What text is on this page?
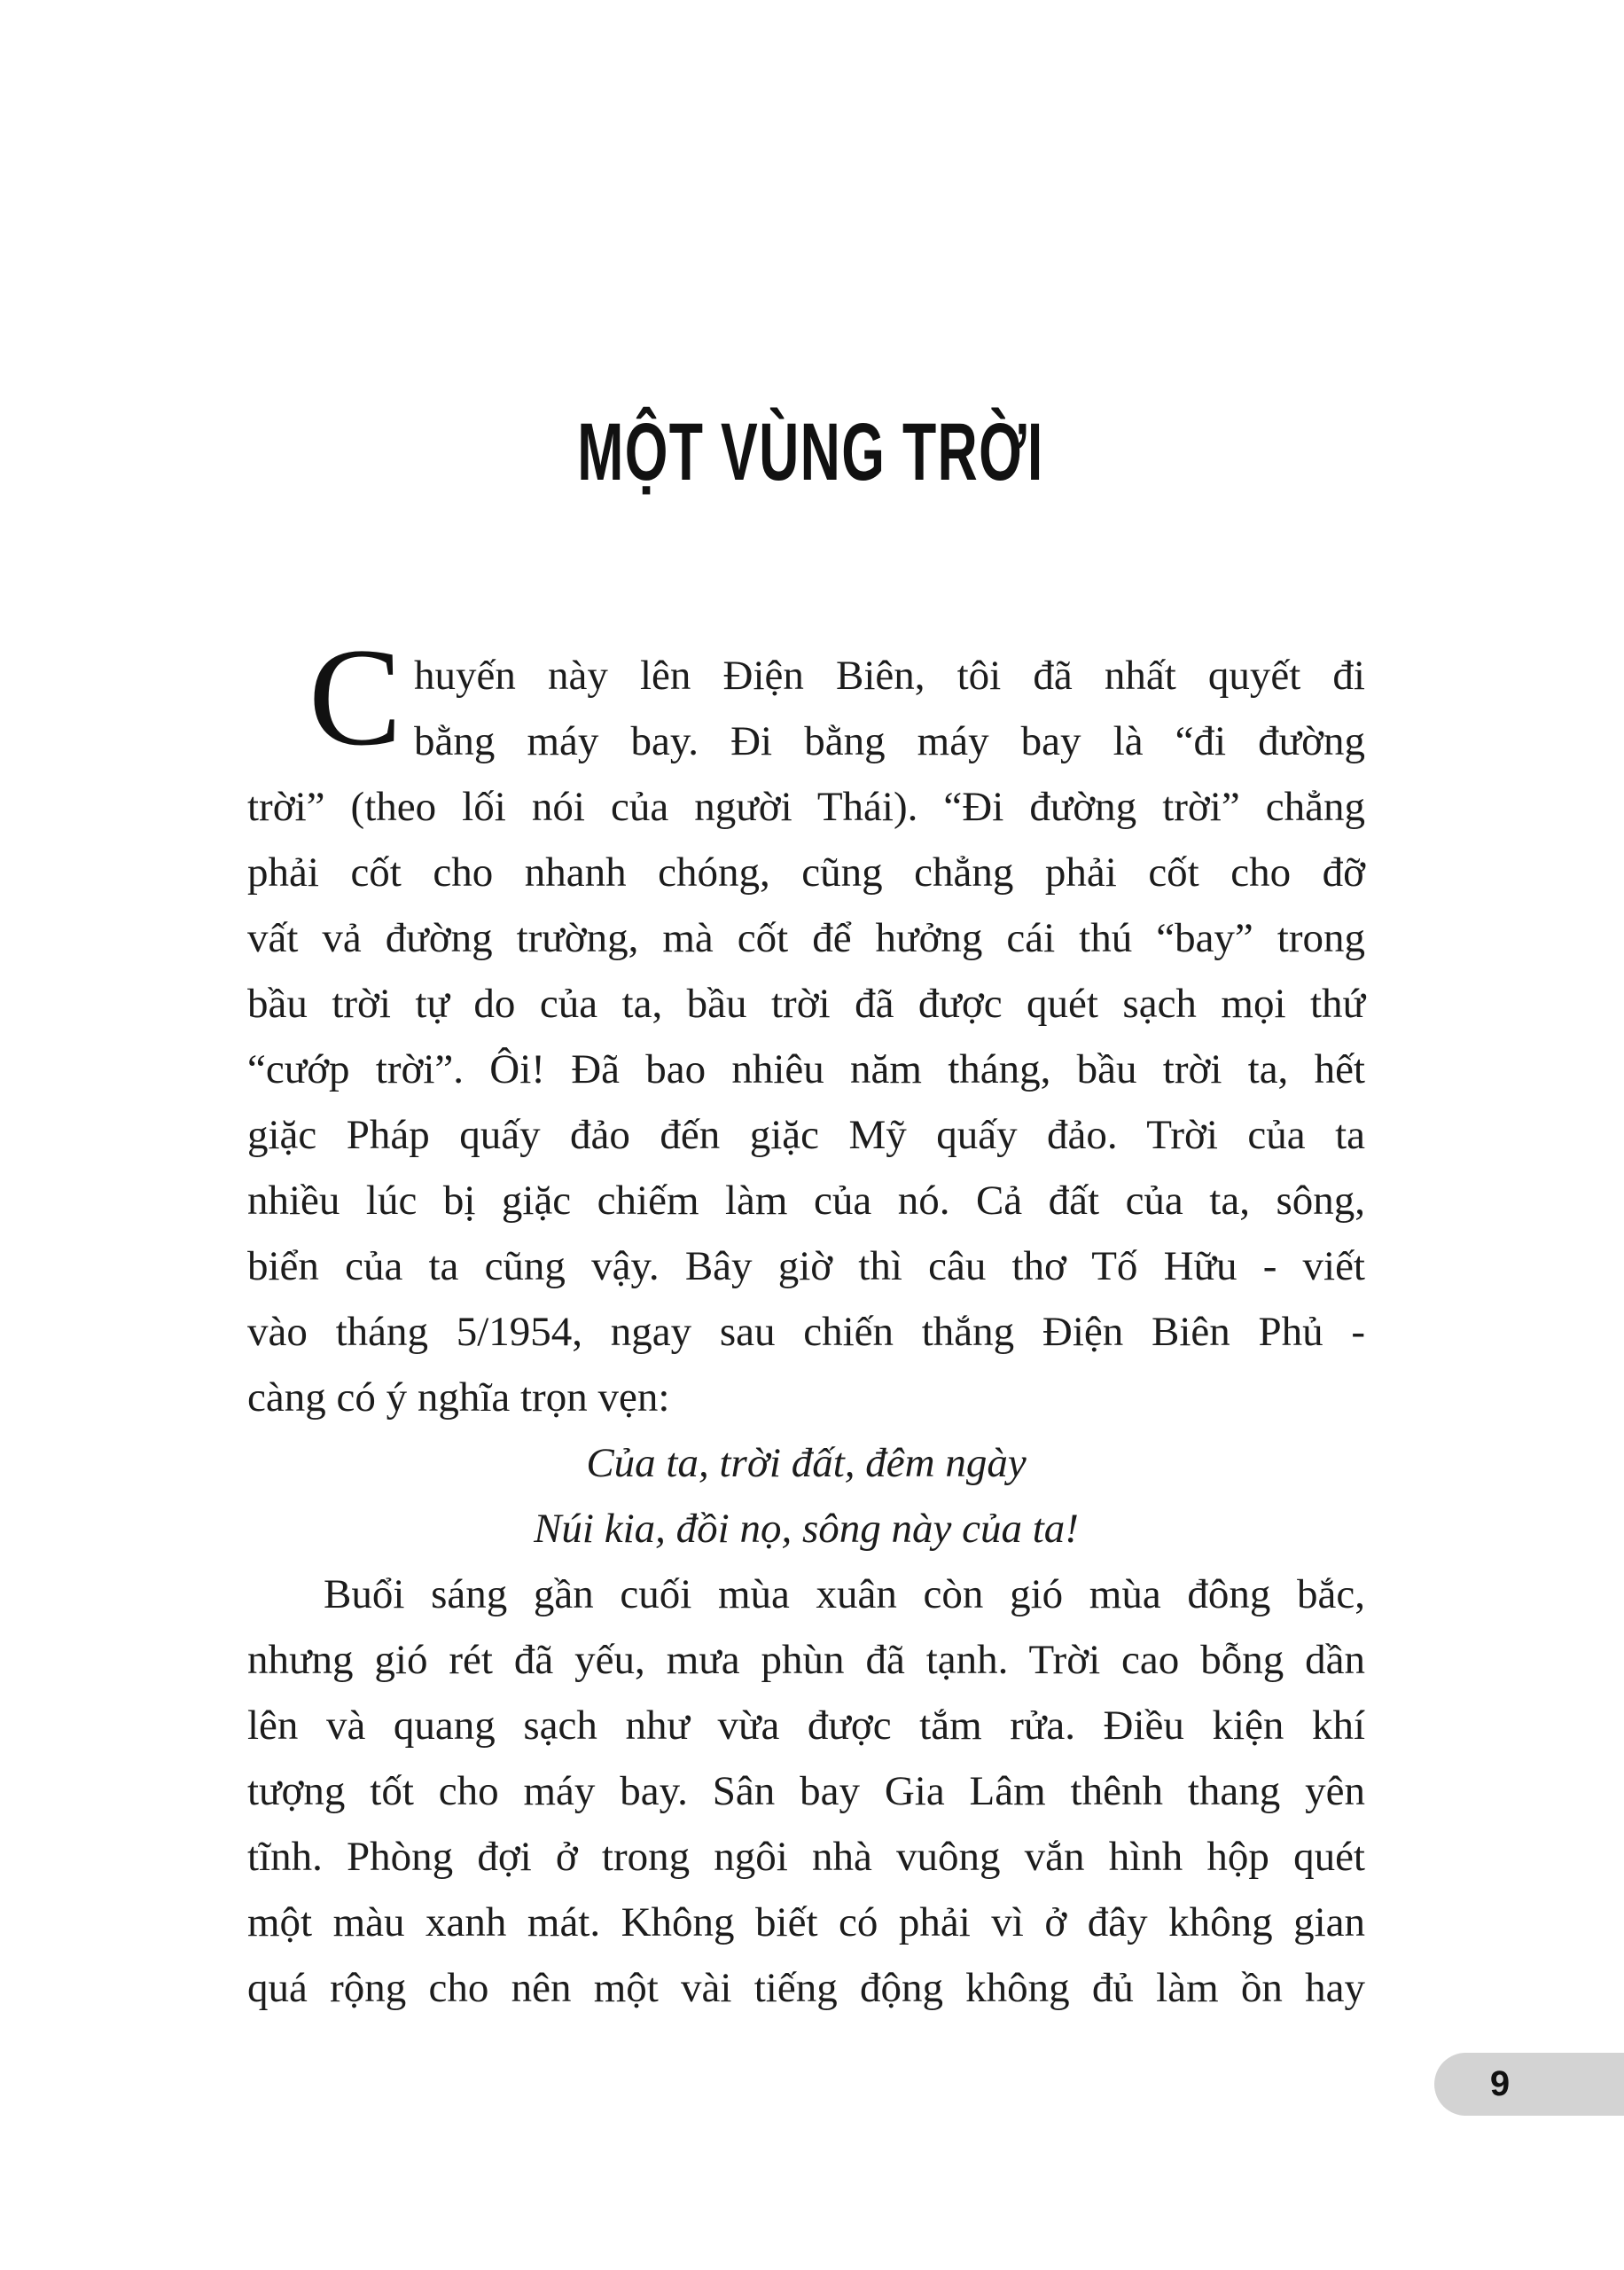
MỘT VÙNG TRỜI
C huyến này lên Điện Biên, tôi đã nhất quyết đi
bằng máy bay. Đi bằng máy bay là “đi đường
trời” (theo lối nói của người Thái). “Đi đường trời” chẳng
phải cốt cho nhanh chóng, cũng chẳng phải cốt cho đỡ
vất vả đường trường, mà cốt để hưởng cái thú “bay” trong
bầu trời tự do của ta, bầu trời đã được quét sạch mọi thứ
“cướp trời”. Ôi! Đã bao nhiêu năm tháng, bầu trời ta, hết
giặc Pháp quấy đảo đến giặc Mỹ quấy đảo. Trời của ta
nhiều lúc bị giặc chiếm làm của nó. Cả đất của ta, sông,
biển của ta cũng vậy. Bây giờ thì câu thơ Tố Hữu - viết
vào tháng 5/1954, ngay sau chiến thắng Điện Biên Phủ -
càng có ý nghĩa trọn vẹn:
Của ta, trời đất, đêm ngày
Núi kia, đồi nọ, sông này của ta!
Buổi sáng gần cuối mùa xuân còn gió mùa đông bắc,
nhưng gió rét đã yếu, mưa phùn đã tạnh. Trời cao bỗng dần
lên và quang sạch như vừa được tắm rửa. Điều kiện khí
tượng tốt cho máy bay. Sân bay Gia Lâm thênh thang yên
tĩnh. Phòng đợi ở trong ngôi nhà vuông vắn hình hộp quét
một màu xanh mát. Không biết có phải vì ở đây không gian
quá rộng cho nên một vài tiếng động không đủ làm ồn hay
9
